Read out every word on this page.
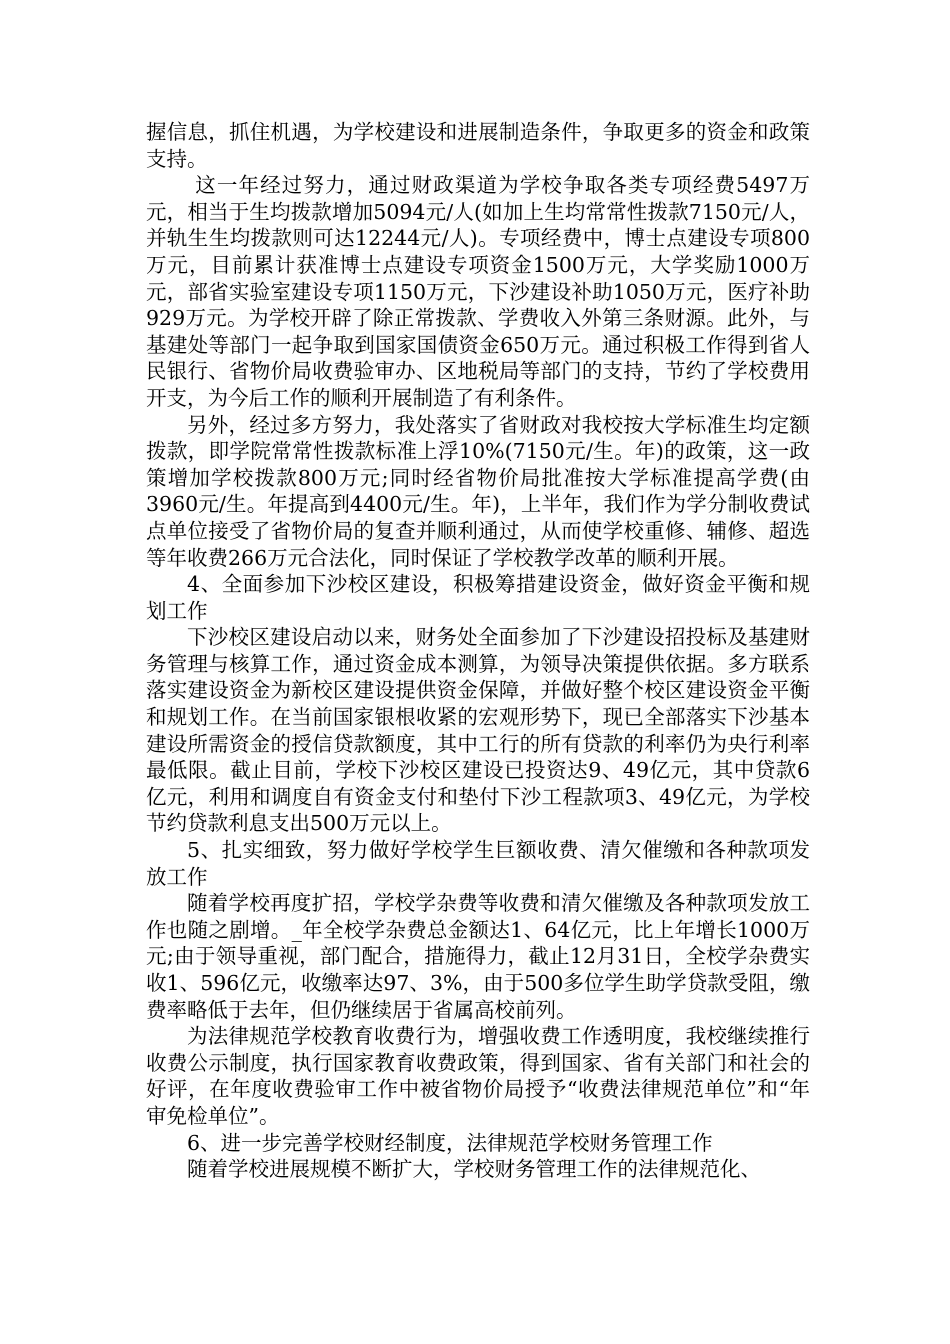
握信息，抓住机遇，为学校建设和进展制造条件，争取更多的资金和政策支持。

这一年经过努力，通过财政渠道为学校争取各类专项经费5497万元，相当于生均拨款增加5094元/人(如加上生均常常性拨款7150元/人，并轨生生均拨款则可达12244元/人)。专项经费中，博士点建设专项800万元，目前累计获准博士点建设专项资金1500万元，大学奖励1000万元，部省实验室建设专项1150万元，下沙建设补助1050万元，医疗补助929万元。为学校开辟了除正常拨款、学费收入外第三条财源。此外，与基建处等部门一起争取到国家国债资金650万元。通过积极工作得到省人民银行、省物价局收费验审办、区地税局等部门的支持，节约了学校费用开支，为今后工作的顺利开展制造了有利条件。

另外，经过多方努力，我处落实了省财政对我校按大学标准生均定额拨款，即学院常常性拨款标准上浮10%(7150元/生。年)的政策，这一政策增加学校拨款800万元;同时经省物价局批准按大学标准提高学费(由3960元/生。年提高到4400元/生。年)，上半年，我们作为学分制收费试点单位接受了省物价局的复查并顺利通过，从而使学校重修、辅修、超选等年收费266万元合法化，同时保证了学校教学改革的顺利开展。

4、全面参加下沙校区建设，积极筹措建设资金，做好资金平衡和规划工作

下沙校区建设启动以来，财务处全面参加了下沙建设招投标及基建财务管理与核算工作，通过资金成本测算，为领导决策提供依据。多方联系落实建设资金为新校区建设提供资金保障，并做好整个校区建设资金平衡和规划工作。在当前国家银根收紧的宏观形势下，现已全部落实下沙基本建设所需资金的授信贷款额度，其中工行的所有贷款的利率仍为央行利率最低限。截止目前，学校下沙校区建设已投资达9、49亿元，其中贷款6亿元，利用和调度自有资金支付和垫付下沙工程款项3、49亿元，为学校节约贷款利息支出500万元以上。

5、扎实细致，努力做好学校学生巨额收费、清欠催缴和各种款项发放工作

随着学校再度扩招，学校学杂费等收费和清欠催缴及各种款项发放工作也随之剧增。_年全校学杂费总金额达1、64亿元，比上年增长1000万元;由于领导重视，部门配合，措施得力，截止12月31日，全校学杂费实收1、596亿元，收缴率达97、3%，由于500多位学生助学贷款受阻，缴费率略低于去年，但仍继续居于省属高校前列。

为法律规范学校教育收费行为，增强收费工作透明度，我校继续推行收费公示制度，执行国家教育收费政策，得到国家、省有关部门和社会的好评，在年度收费验审工作中被省物价局授予“收费法律规范单位”和“年审免检单位”。

6、进一步完善学校财经制度，法律规范学校财务管理工作

随着学校进展规模不断扩大，学校财务管理工作的法律规范化、
